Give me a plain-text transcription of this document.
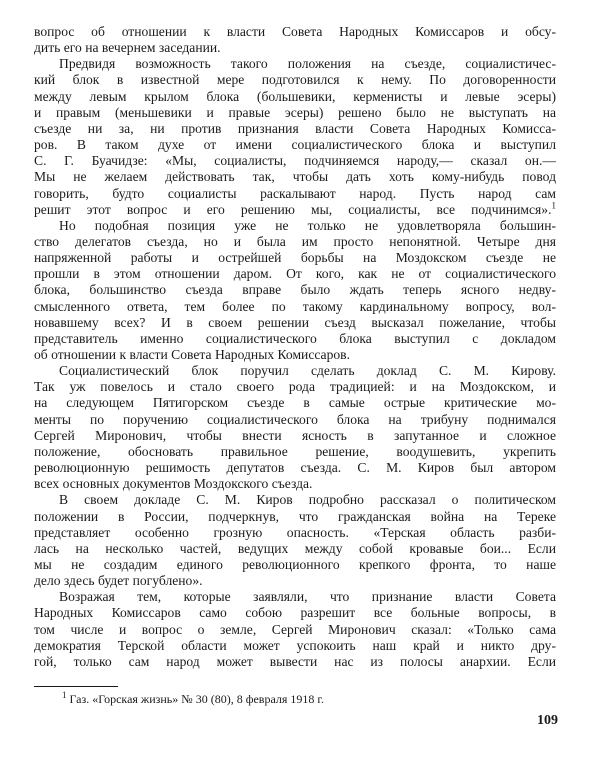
$^1$ Газ. «Горская жизнь» № 30 (80), 8 февраля 1918 г.

109

вопрос об отношении к власти Совета Народных Комиссаров и обсу-

дить его на вечернем заседании.

Предвидя возможность такого положения на съезде, социалистичес-

кий блок в известной мере подготовился к нему. По договоренности

между левым крылом блока (большевики, керменисты и левые эсеры)

и правым (меньшевики и правые эсеры) решено было не выступать на

съезде ни за, ни против признания власти Совета Народных Комисса-

ров. В таком духе от имени социалистического блока и выступил

С. Г. Буачидзе: «Мы, социалисты, подчиняемся народу,— сказал он.—

Мы не желаем действовать так, чтобы дать хоть кому-нибудь повод

говорить, будто социалисты раскалывают народ. Пусть народ сам

решит этот вопрос и его решению мы, социалисты, все подчинимся».$^1$

Но подобная позиция уже не только не удовлетворяла большин-

ство делегатов съезда, но и была им просто непонятной. Четыре дня

напряженной работы и острейшей борьбы на Моздокском съезде не

прошли в этом отношении даром. От кого, как не от социалистического

блока, большинство съезда вправе было ждать теперь ясного недву-

смысленного ответа, тем более по такому кардинальному вопросу, вол-

новавшему всех? И в своем решении съезд высказал пожелание, чтобы

представитель именно социалистического блока выступил с докладом

об отношении к власти Совета Народных Комиссаров.

Социалистический блок поручил сделать доклад С. М. Кирову.

Так уж повелось и стало своего рода традицией: и на Моздокском, и

на следующем Пятигорском съезде в самые острые критические мо-

менты по поручению социалистического блока на трибуну поднимался

Сергей Миронович, чтобы внести ясность в запутанное и сложное

положение, обосновать правильное решение, воодушевить, укрепить

революционную решимость депутатов съезда. С. М. Киров был автором

всех основных документов Моздокского съезда.

В своем докладе С. М. Киров подробно рассказал о политическом

положении в России, подчеркнув, что гражданская война на Тереке

представляет особенно грозную опасность. «Терская область разби-

лась на несколько частей, ведущих между собой кровавые бои... Если

мы не создадим единого революционного крепкого фронта, то наше

дело здесь будет погублено».

Возражая тем, которые заявляли, что признание власти Совета

Народных Комиссаров само собою разрешит все больные вопросы, в

том числе и вопрос о земле, Сергей Миронович сказал: «Только сама

демократия Терской области может успокоить наш край и никто дру-

гой, только сам народ может вывести нас из полосы анархии. Если
